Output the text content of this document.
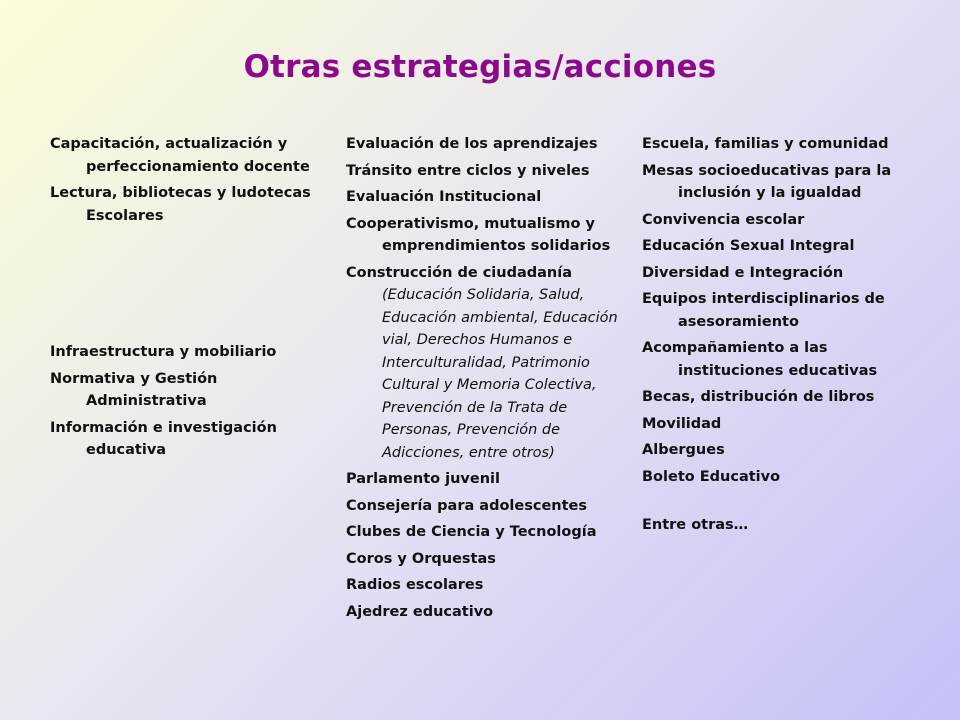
Otras estrategias/acciones
Capacitación, actualización y perfeccionamiento docente
Lectura, bibliotecas y ludotecas Escolares
Infraestructura y mobiliario
Normativa y Gestión Administrativa
Información e investigación educativa
Evaluación de los aprendizajes
Tránsito entre ciclos y niveles
Evaluación Institucional
Cooperativismo, mutualismo y emprendimientos solidarios
Construcción de ciudadanía (Educación Solidaria, Salud, Educación ambiental, Educación vial, Derechos Humanos e Interculturalidad, Patrimonio Cultural y Memoria Colectiva, Prevención de la Trata de Personas, Prevención de Adicciones, entre otros)
Parlamento juvenil
Consejería para adolescentes
Clubes de Ciencia y Tecnología
Coros y Orquestas
Radios escolares
Ajedrez educativo
Escuela, familias y comunidad
Mesas socioeducativas para la inclusión y la igualdad
Convivencia escolar
Educación Sexual Integral
Diversidad e Integración
Equipos interdisciplinarios de asesoramiento
Acompañamiento a las instituciones educativas
Becas, distribución de libros
Movilidad
Albergues
Boleto Educativo
Entre otras…
